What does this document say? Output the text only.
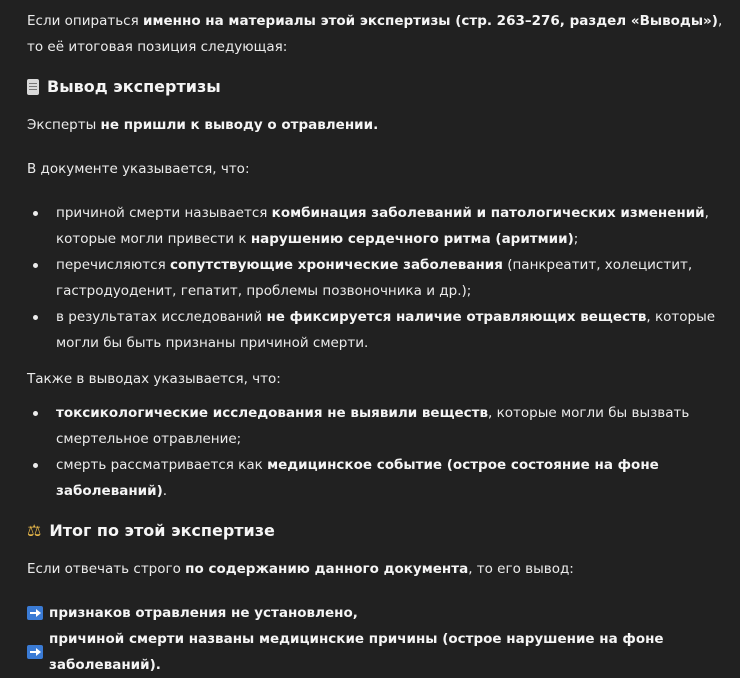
Если опираться именно на материалы этой экспертизы (стр. 263–276, раздел «Выводы»), то её итоговая позиция следующая:

Вывод экспертизы

Эксперты не пришли к выводу о отравлении.

В документе указывается, что:

причиной смерти называется комбинация заболеваний и патологических изменений, которые могли привести к нарушению сердечного ритма (аритмии);
перечисляются сопутствующие хронические заболевания (панкреатит, холецистит, гастродуоденит, гепатит, проблемы позвоночника и др.);
в результатах исследований не фиксируется наличие отравляющих веществ, которые могли бы быть признаны причиной смерти.

Также в выводах указывается, что:

токсикологические исследования не выявили веществ, которые могли бы вызвать смертельное отравление;
смерть рассматривается как медицинское событие (острое состояние на фоне заболеваний).
⚖ Итог по этой экспертизе

Если отвечать строго по содержанию данного документа, то его вывод:

признаков отравления не установлено,
причиной смерти названы медицинские причины (острое нарушение на фоне заболеваний).
